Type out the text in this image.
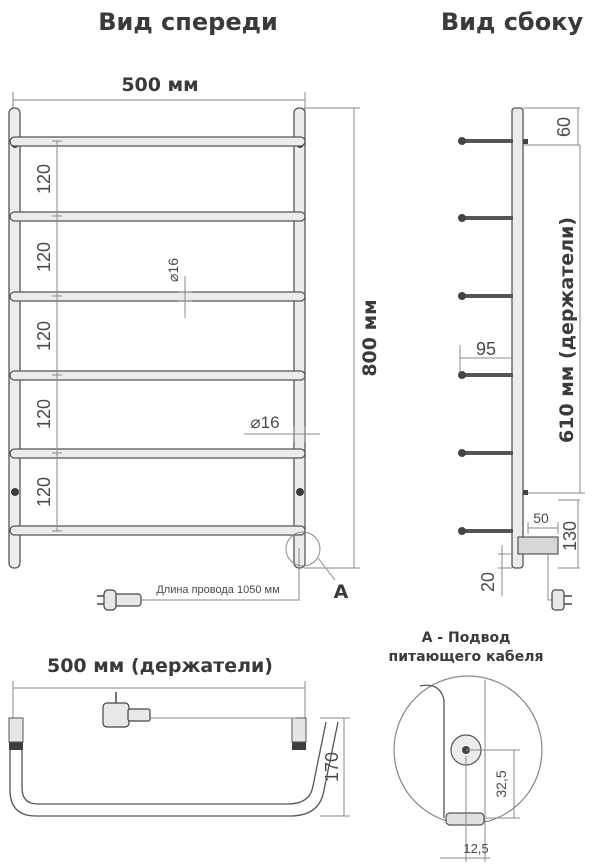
Вид спереди	Вид сбоку
500 мм
120
120
120
120
120
⌀16
⌀16
800 мм
А
Длина провода 1050 мм
60
610 мм (держатели)
95
50
130
20
500 мм (держатели)
170
А - Подвод
питающего кабеля
32,5
12,5
